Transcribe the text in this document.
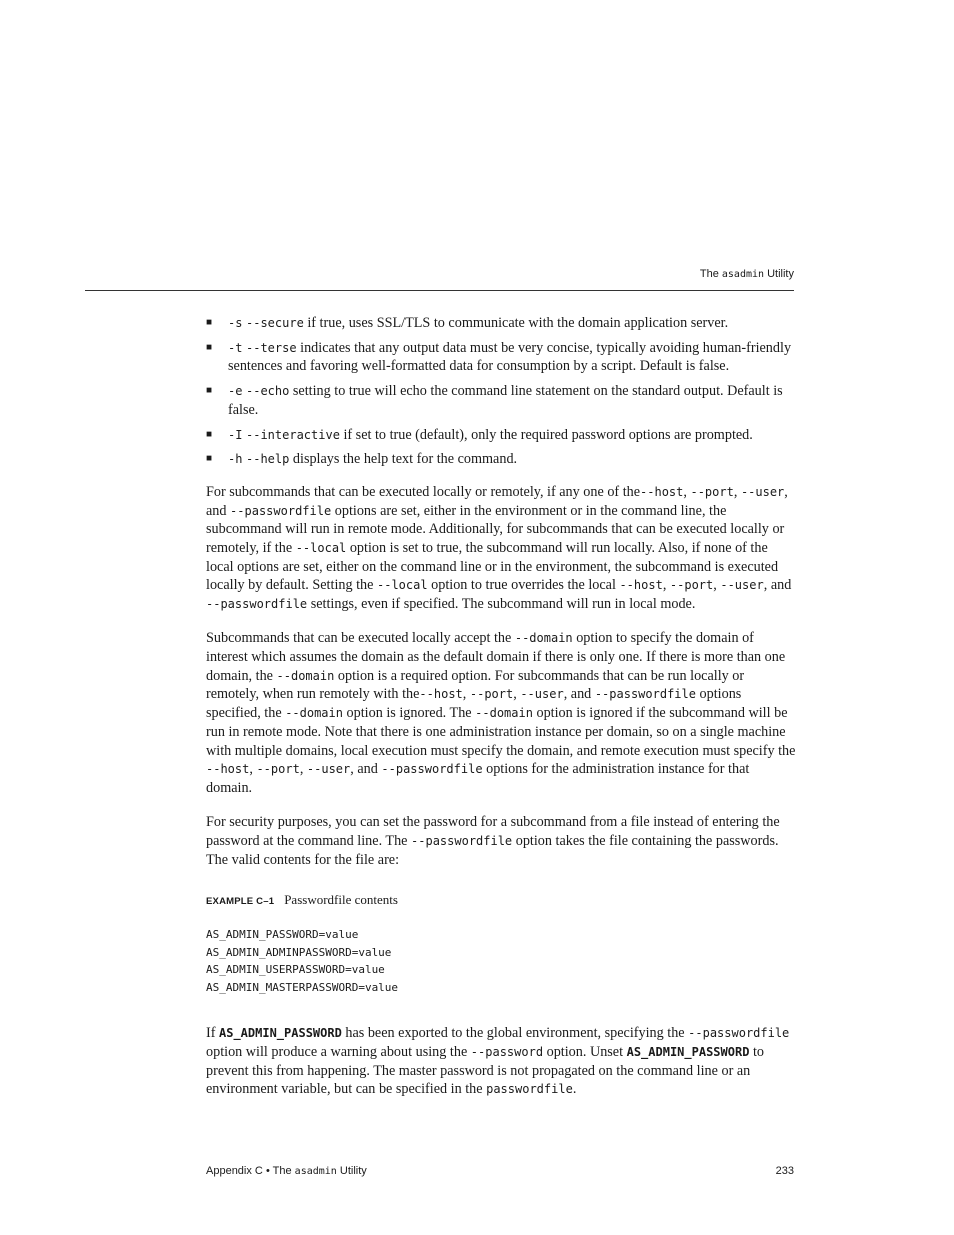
The asadmin Utility
■ -s --secure if true, uses SSL/TLS to communicate with the domain application server.
■ -t --terse indicates that any output data must be very concise, typically avoiding human-friendly sentences and favoring well-formatted data for consumption by a script. Default is false.
■ -e --echo setting to true will echo the command line statement on the standard output. Default is false.
■ -I --interactive if set to true (default), only the required password options are prompted.
■ -h --help displays the help text for the command.

For subcommands that can be executed locally or remotely, if any one of the--host, --port, --user, and --passwordfile options are set, either in the environment or in the command line, the subcommand will run in remote mode. Additionally, for subcommands that can be executed locally or remotely, if the --local option is set to true, the subcommand will run locally. Also, if none of the local options are set, either on the command line or in the environment, the subcommand is executed locally by default. Setting the --local option to true overrides the local --host, --port, --user, and --passwordfile settings, even if specified. The subcommand will run in local mode.

Subcommands that can be executed locally accept the --domain option to specify the domain of interest which assumes the domain as the default domain if there is only one. If there is more than one domain, the --domain option is a required option. For subcommands that can be run locally or remotely, when run remotely with the--host, --port, --user, and --passwordfile options specified, the --domain option is ignored. The --domain option is ignored if the subcommand will be run in remote mode. Note that there is one administration instance per domain, so on a single machine with multiple domains, local execution must specify the domain, and remote execution must specify the --host, --port, --user, and --passwordfile options for the administration instance for that domain.

For security purposes, you can set the password for a subcommand from a file instead of entering the password at the command line. The --passwordfile option takes the file containing the passwords. The valid contents for the file are:

EXAMPLE C–1 Passwordfile contents
AS_ADMIN_PASSWORD=value
AS_ADMIN_ADMINPASSWORD=value
AS_ADMIN_USERPASSWORD=value
AS_ADMIN_MASTERPASSWORD=value

If AS_ADMIN_PASSWORD has been exported to the global environment, specifying the --passwordfile option will produce a warning about using the --password option. Unset AS_ADMIN_PASSWORD to prevent this from happening. The master password is not propagated on the command line or an environment variable, but can be specified in the passwordfile.

Appendix C • The asadmin Utility	233
